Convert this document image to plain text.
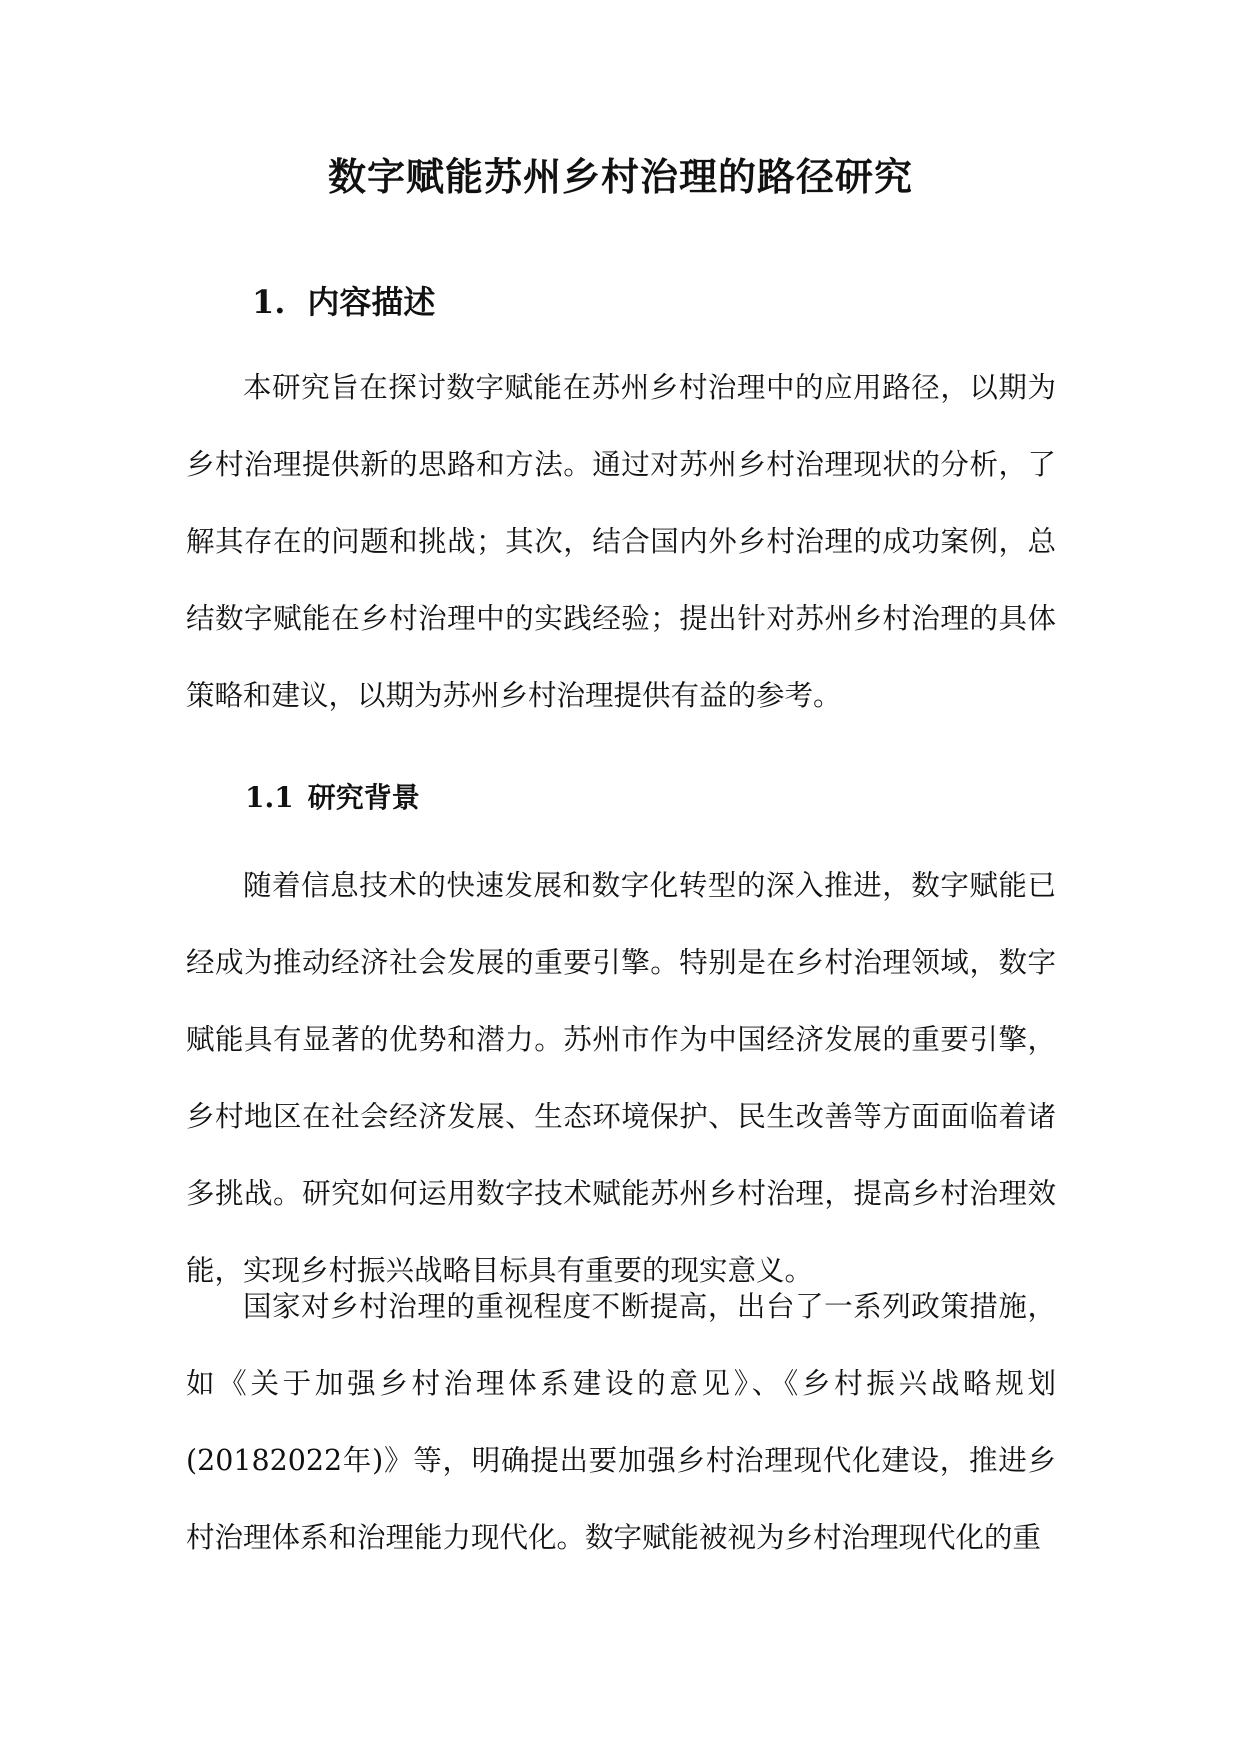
数字赋能苏州乡村治理的路径研究
1. 内容描述

本研究旨在探讨数字赋能在苏州乡村治理中的应用路径，以期为乡村治理提供新的思路和方法。通过对苏州乡村治理现状的分析，了解其存在的问题和挑战；其次，结合国内外乡村治理的成功案例，总结数字赋能在乡村治理中的实践经验；提出针对苏州乡村治理的具体策略和建议，以期为苏州乡村治理提供有益的参考。

1.1 研究背景

随着信息技术的快速发展和数字化转型的深入推进，数字赋能已经成为推动经济社会发展的重要引擎。特别是在乡村治理领域，数字赋能具有显著的优势和潜力。苏州市作为中国经济发展的重要引擎，乡村地区在社会经济发展、生态环境保护、民生改善等方面面临着诸多挑战。研究如何运用数字技术赋能苏州乡村治理，提高乡村治理效能，实现乡村振兴战略目标具有重要的现实意义。

国家对乡村治理的重视程度不断提高，出台了一系列政策措施，如《关于加强乡村治理体系建设的意见》、《乡村振兴战略规划(20182022年)》等，明确提出要加强乡村治理现代化建设，推进乡村治理体系和治理能力现代化。数字赋能被视为乡村治理现代化的重
